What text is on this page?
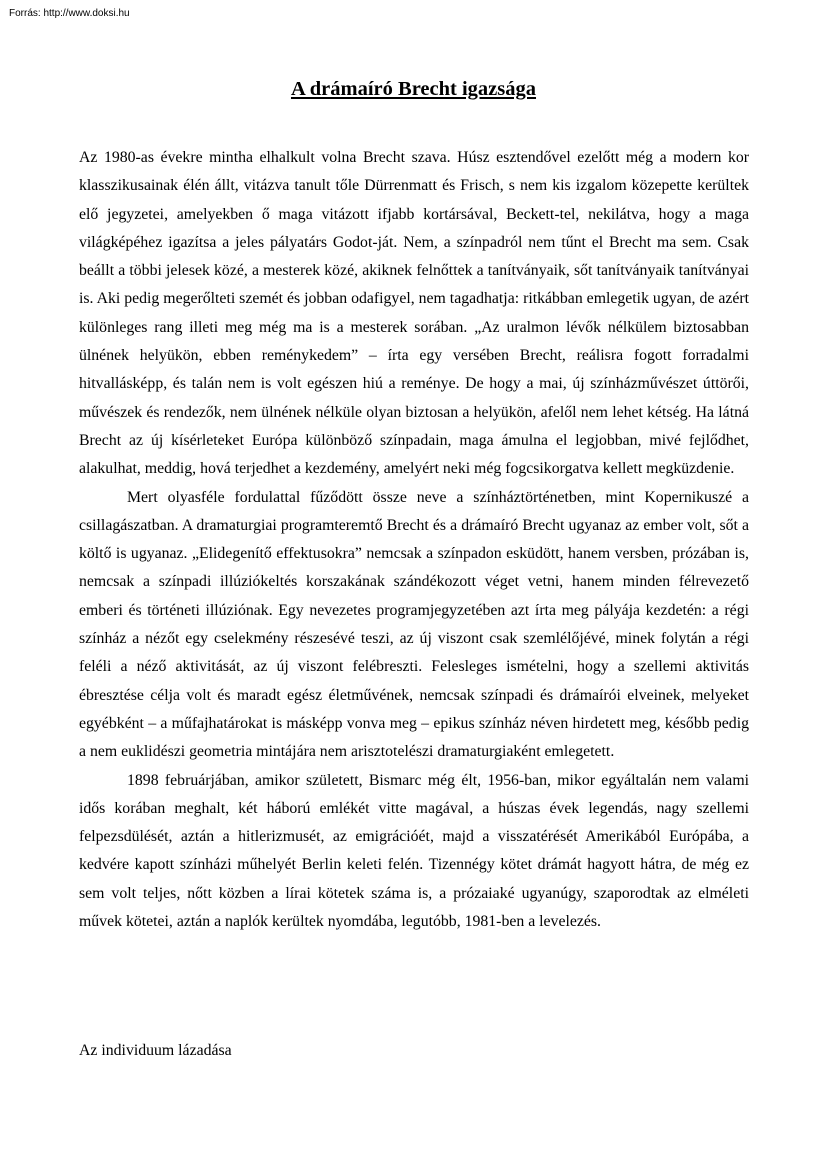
Forrás: http://www.doksi.hu
A drámaíró Brecht igazsága

Az 1980-as évekre mintha elhalkult volna Brecht szava. Húsz esztendővel ezelőtt még a modern kor klasszikusainak élén állt, vitázva tanult tőle Dürrenmatt és Frisch, s nem kis izgalom közepette kerültek elő jegyzetei, amelyekben ő maga vitázott ifjabb kortársával, Beckett-tel, nekilátva, hogy a maga világképéhez igazítsa a jeles pályatárs Godot-ját. Nem, a színpadról nem tűnt el Brecht ma sem. Csak beállt a többi jelesek közé, a mesterek közé, akiknek felnőttek a tanítványaik, sőt tanítványaik tanítványai is. Aki pedig megerőlteti szemét és jobban odafigyel, nem tagadhatja: ritkábban emlegetik ugyan, de azért különleges rang illeti meg még ma is a mesterek sorában. „Az uralmon lévők nélkülem biztosabban ülnének helyükön, ebben reménykedem” – írta egy versében Brecht, reálisra fogott forradalmi hitvallásképp, és talán nem is volt egészen hiú a reménye. De hogy a mai, új színházművészet úttörői, művészek és rendezők, nem ülnének nélküle olyan biztosan a helyükön, afelől nem lehet kétség. Ha látná Brecht az új kísérleteket Európa különböző színpadain, maga ámulna el legjobban, mivé fejlődhet, alakulhat, meddig, hová terjedhet a kezdemény, amelyért neki még fogcsikorgatva kellett megküzdenie.

Mert olyasféle fordulattal fűződött össze neve a színháztörténetben, mint Kopernikuszé a csillagászatban. A dramaturgiai programteremtő Brecht és a drámaíró Brecht ugyanaz az ember volt, sőt a költő is ugyanaz. „Elidegenítő effektusokra” nemcsak a színpadon esküdött, hanem versben, prózában is, nemcsak a színpadi illúziókeltés korszakának szándékozott véget vetni, hanem minden félrevezető emberi és történeti illúziónak. Egy nevezetes programjegyzetében azt írta meg pályája kezdetén: a régi színház a nézőt egy cselekmény részesévé teszi, az új viszont csak szemlélőjévé, minek folytán a régi feléli a néző aktivitását, az új viszont felébreszti. Felesleges ismételni, hogy a szellemi aktivitás ébresztése célja volt és maradt egész életművének, nemcsak színpadi és drámaírói elveinek, melyeket egyébként – a műfajhatárokat is másképp vonva meg – epikus színház néven hirdetett meg, később pedig a nem euklidészi geometria mintájára nem arisztotelészi dramaturgiaként emlegetett.

1898 februárjában, amikor született, Bismarc még élt, 1956-ban, mikor egyáltalán nem valami idős korában meghalt, két háború emlékét vitte magával, a húszas évek legendás, nagy szellemi felpezsdülését, aztán a hitlerizmusét, az emigrációét, majd a visszatérését Amerikából Európába, a kedvére kapott színházi műhelyét Berlin keleti felén. Tizennégy kötet drámát hagyott hátra, de még ez sem volt teljes, nőtt közben a lírai kötetek száma is, a prózaiaké ugyanúgy, szaporodtak az elméleti művek kötetei, aztán a naplók kerültek nyomdába, legutóbb, 1981-ben a levelezés.

Az individuum lázadása
